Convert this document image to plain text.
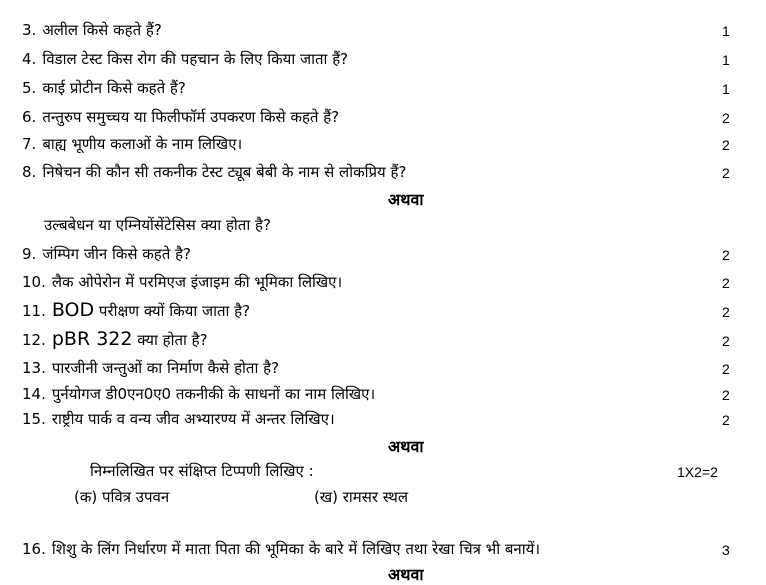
3. अलील किसे कहते हैं?	1
4. विडाल टेस्ट किस रोग की पहचान के लिए किया जाता हैं?	1
5. काई प्रोटीन किसे कहते हैं?	1
6. तन्तुरुप समुच्चय या फिलीफॉर्म उपकरण किसे कहते हैं?	2
7. बाह्य भूणीय कलाओं के नाम लिखिए।	2
8. निषेचन की कौन सी तकनीक टेस्ट ट्यूब बेबी के नाम से लोकप्रिय हैं?	2
अथवा
उल्बबेधन या एम्नियोंसेंटेसिस क्या होता है?
9. जंम्पिग जीन किसे कहते है?	2
10. लैक ओपेरोन में परमिएज इंजाइम की भूमिका लिखिए।	2
11. BOD परीक्षण क्यों किया जाता है?	2
12. pBR 322 क्या होता है?	2
13. पारजीनी जन्तुओं का निर्माण कैसे होता है?	2
14. पुर्नयोगज डी0एन0ए0 तकनीकी के साधनों का नाम लिखिए।	2
15. राष्ट्रीय पार्क व वन्य जीव अभ्यारण्य में अन्तर लिखिए।	2
अथवा
निम्नलिखित पर संक्षिप्त टिप्पणी लिखिए :	1X2=2
(क) पवित्र उपवन	(ख) रामसर स्थल
16. शिशु के लिंग निर्धारण में माता पिता की भूमिका के बारे में लिखिए तथा रेखा चित्र भी बनायें।	3
अथवा
